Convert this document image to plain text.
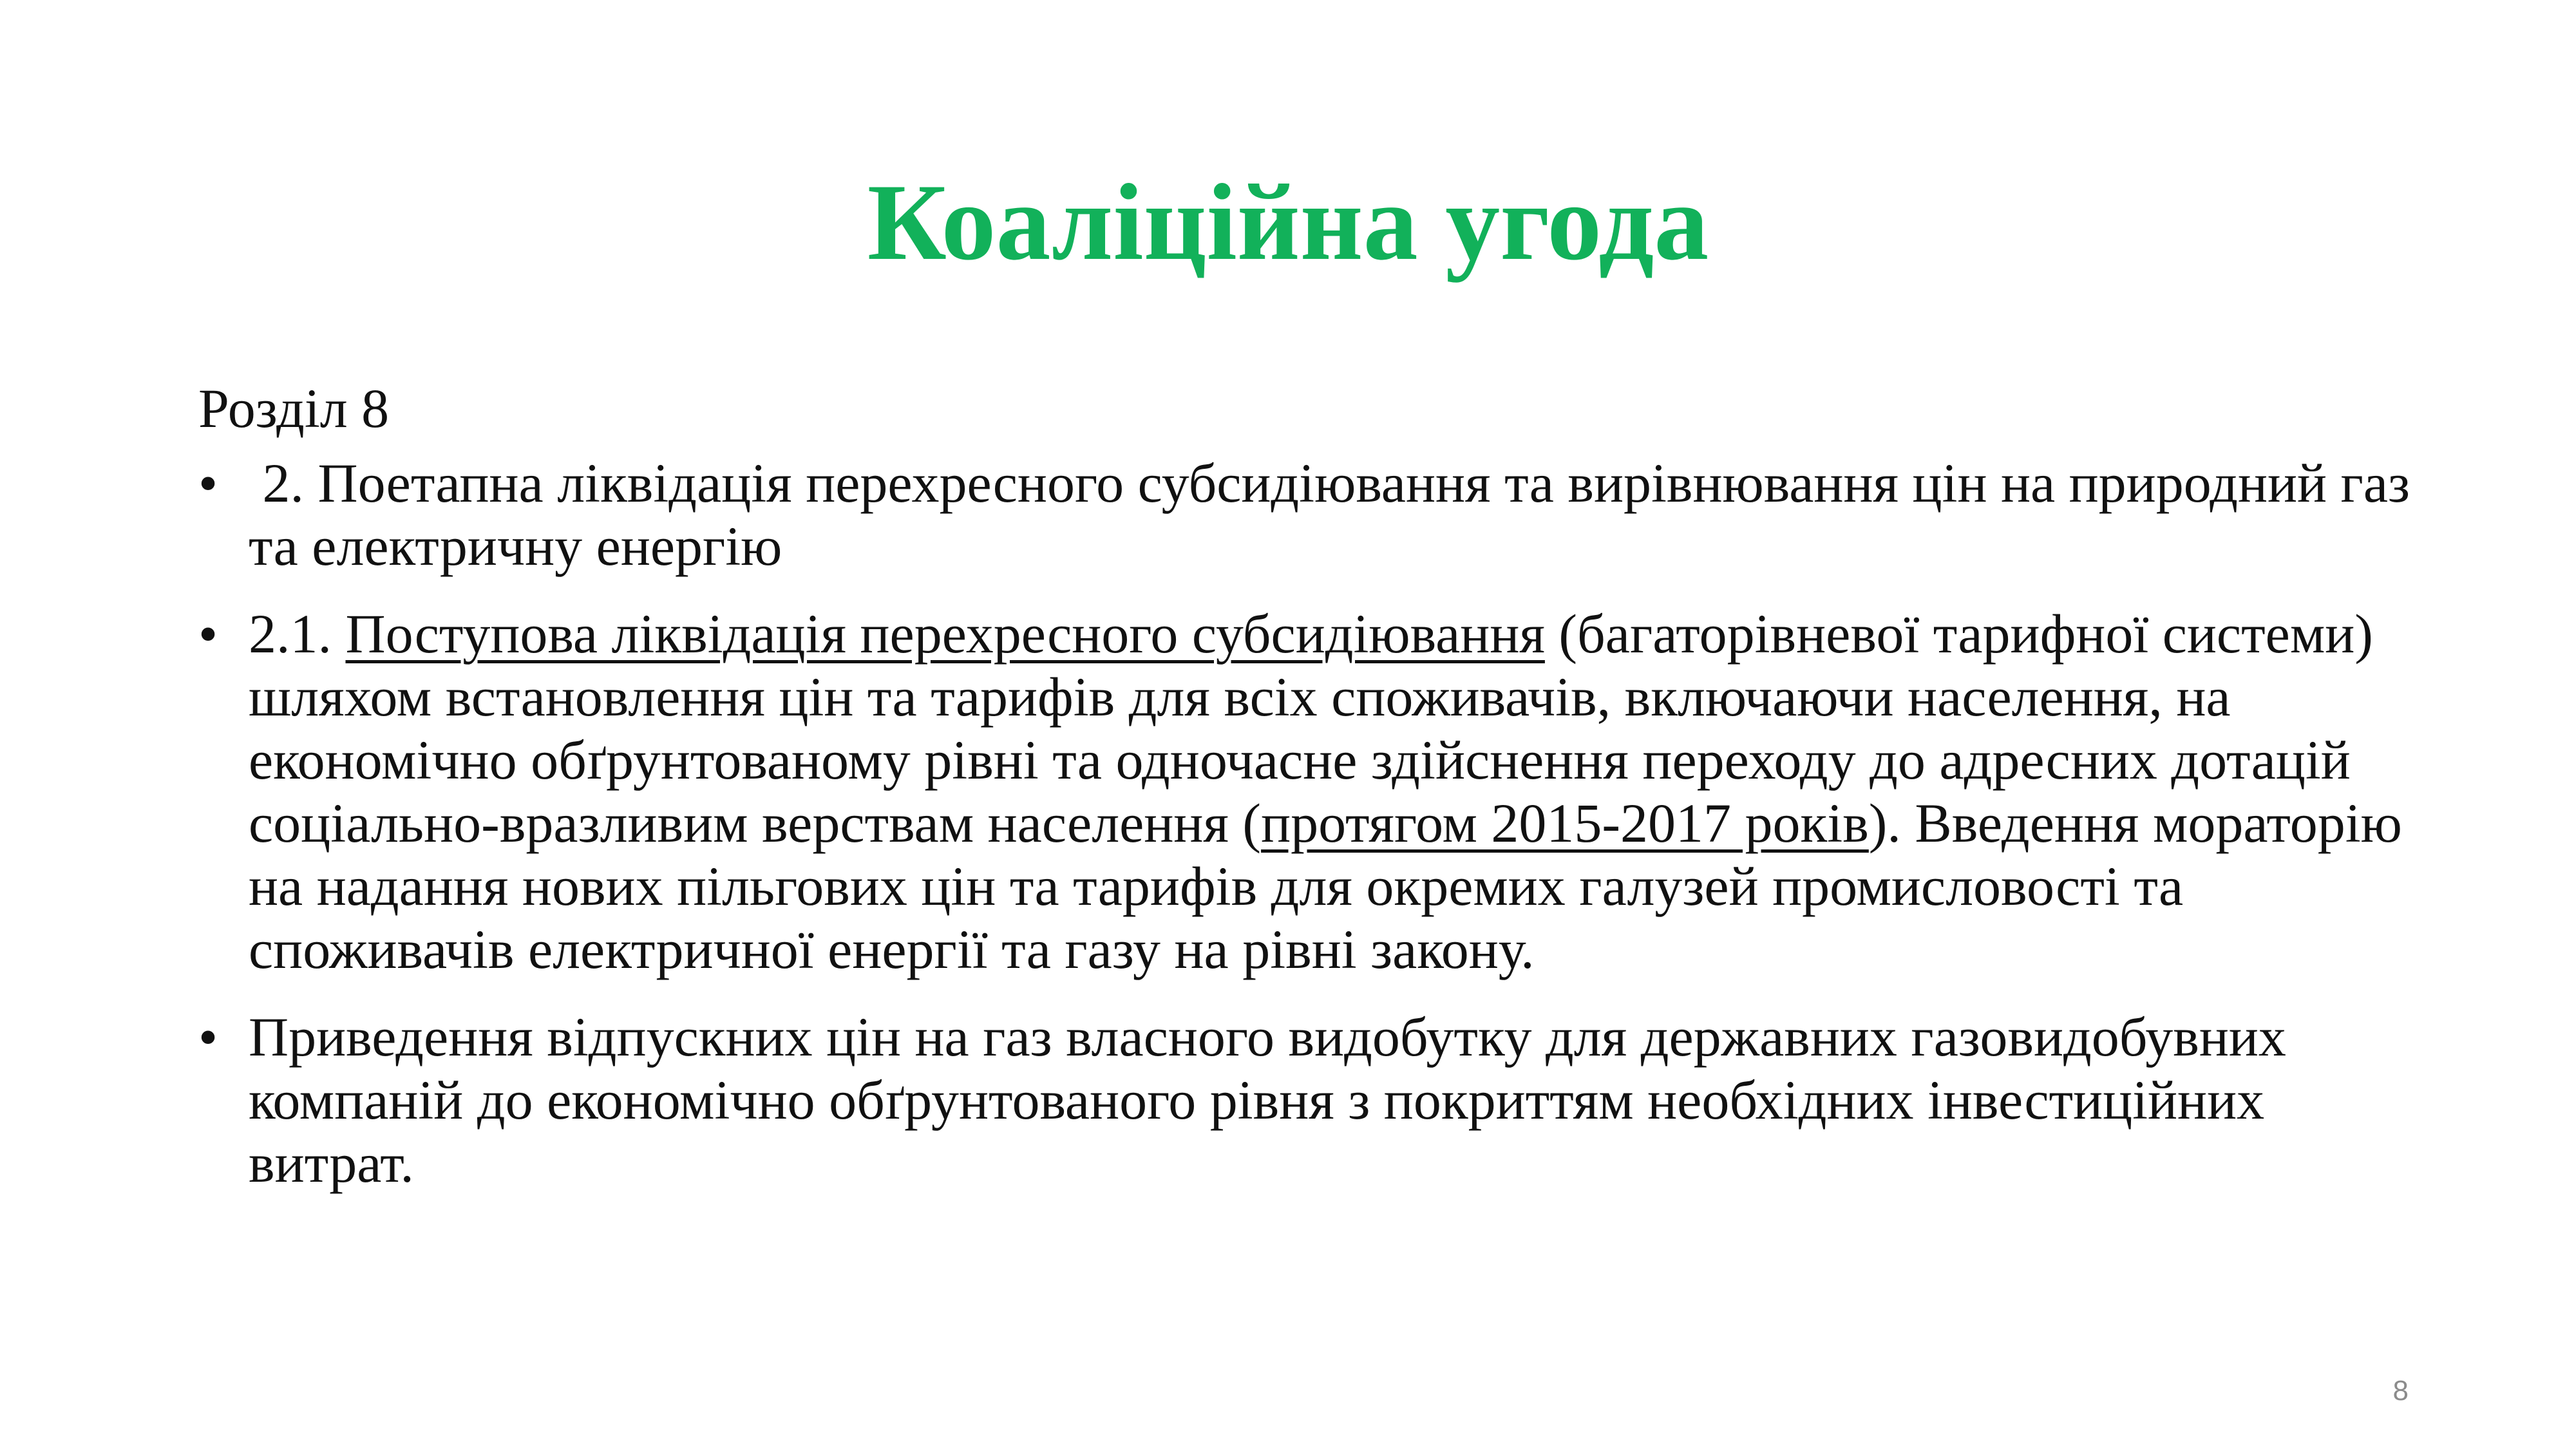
Коаліційна угода
Розділ 8
• 2. Поетапна ліквідація перехресного субсидіювання та вирівнювання цін на природний газ та електричну енергію
• 2.1. Поступова ліквідація перехресного субсидіювання (багаторівневої тарифної системи) шляхом встановлення цін та тарифів для всіх споживачів, включаючи населення, на економічно обґрунтованому рівні та одночасне здійснення переходу до адресних дотацій соціально-вразливим верствам населення (протягом 2015-2017 років). Введення мораторію на надання нових пільгових цін та тарифів для окремих галузей промисловості та споживачів електричної енергії та газу на рівні закону.
• Приведення відпускних цін на газ власного видобутку для державних газовидобувних компаній до економічно обґрунтованого рівня з покриттям необхідних інвестиційних витрат.
8
